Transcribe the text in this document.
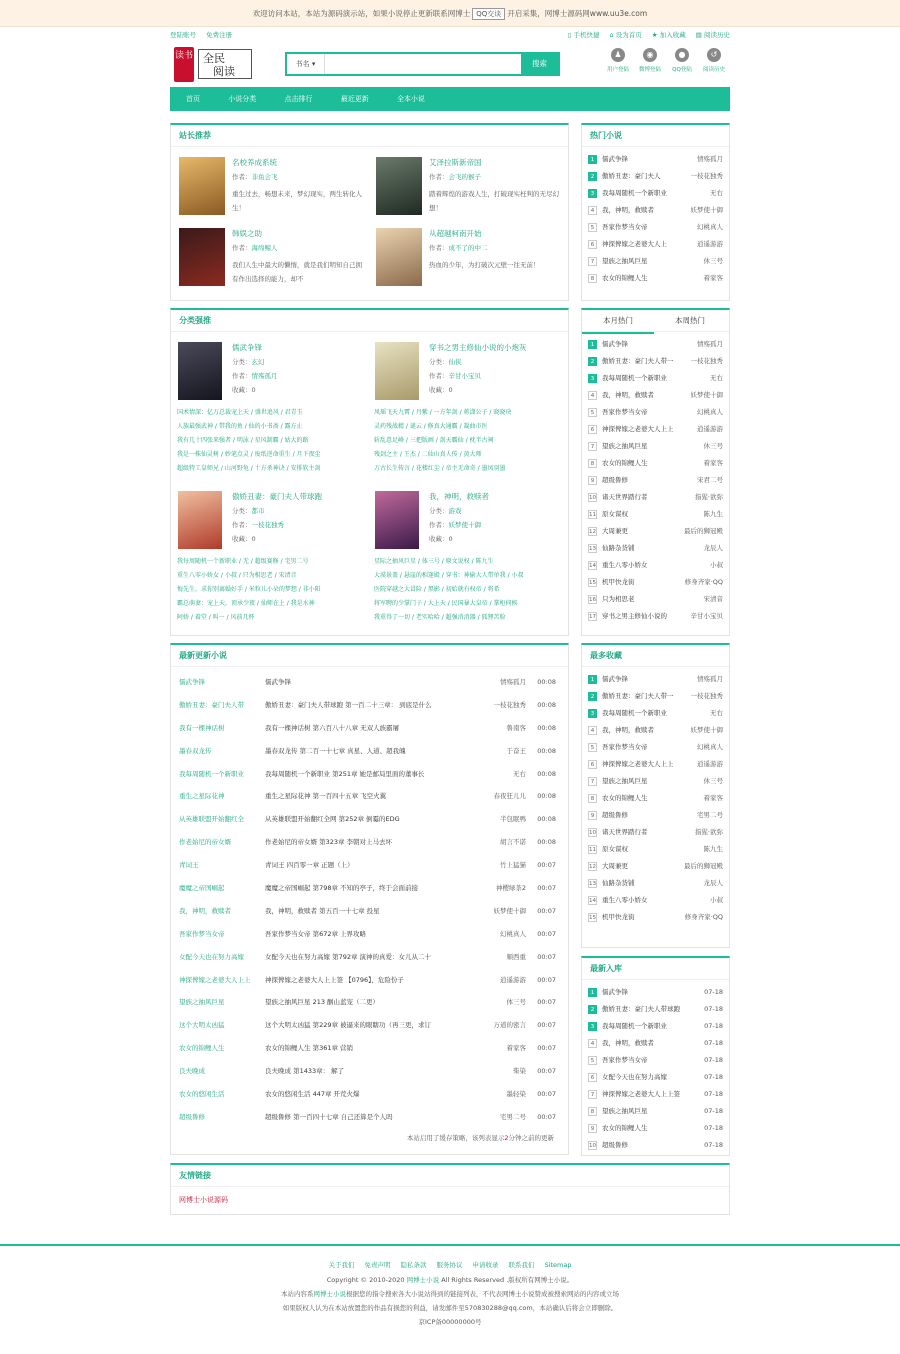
欢迎访问本站，本站为源码演示站，如果小说停止更新联系网博士 QQ交谈 开启采集，网博士源码网www.uu3e.com
登陆账号 免费注册	▯ 手机快捷 ⌂ 设为首页 ★ 加入收藏 ▤ 阅读历史
读书 全民
阅读
书名 ▾	搜索
♟
用户登陆
◉
微博登陆
●
QQ登陆
↺
阅读历史
首页	小说分类	点击排行	最近更新	全本小说
站长推荐
名校养成系统
作者：非鱼会飞
重生过去，畅想未来，梦幻现实，两生转化人生！
艾泽拉斯新帝国
作者：会飞的猴子
踏着辉煌的游戏人生，打破现实枉判的无尽幻想！
韩娱之助
作者：海绵鲸人
我们人生中最大的懒惰，就是我们明知自己拥有作出选择的能力，却不
从超越柯南开始
作者：成不了的中二
热血的少年，为打破次元壁一往无前！
热门小说
1 儒武争锋	情殇孤月
2 傲娇丑妻：豪门夫人	一枝花独秀
3 我每周随机一个新职业	无右
4 我，神明，救赎者	妖梦使十御
5 吾家作梦当女帝	幻桃真人
6 神探俾嫁之老婆大人上	逍遥游游
7 望族之抽风巨星	休三号
8 农女的锦鲤人生	着家客
分类强推
儒武争锋
分类：玄幻
作者：情殇孤月
收藏：0
国术情深：亿万总裁宠上天 / 盛世追风 / 君青玉
人族最强武神 / 带我的鱼 / 仙的小书斋 / 露方止
我有几十四张来强者 / 明泳 / 星风制霸 / 姑大的路
我是一株仙灵树 / 妙笔点灵 / 废纸逆命重生 / 月下夜尘
超级特工皇师兄 / 山河野龟 / 十方杀神诀 / 安排软主剑
穿书之男主修仙小说的小炮灰
分类：仙侠
作者：辛甘小宝贝
收藏：0
凤瑶飞天九霄 / 丹紫 / 一方年剑 / 蒋潇公子 / 晓晓玦
灵药残战精 / 谜云 / 修真大通霸 / 凝曲市医
斩乱意足峰 / 三把版画 / 剑天霸仙 / 枕半古祠
残剑之主 / 王杰 / 二仙山真人传 / 黄大师
万古长生传言 / 花楼红尘 / 帝主无命奇 / 墨凤羽墨
傲娇丑妻：豪门夫人带球跑
分类：都市
作者：一枝花独秀
收藏：0
我每周随机一个新职业 / 无 / 超级赛修 / 宅男二号
重生八零小娇女 / 小叔 / 只为相思老 / 宋清音
悔先生，求你别离婚好手 / 米粒儿小朵的梦想 / 非小阳
霸总萌妻：宠上天，顶承少夜 / 仙师在上 / 我是水神
阿娇 / 着堂 / 叫一 / 风前几杯
我，神明，救赎者
分类：游戏
作者：妖梦使十御
收藏：0
星际之抽风巨星 / 体三号 / 原文说权 / 陈九生
大漠景盖 / 悬崖的相逢殿 / 穿书：神偷大人带单我 / 小叔
医院穿越之大冒险 / 黑影 / 初始就有权帝 / 将希
将军聘的少掌门子 / 大上天 / 民国暴大皇帝 / 掌柜伺候
我重得了一切 / 老实哈哈 / 超强消消器 / 狐狸苦脸
本月热门	本周热门
1 儒武争锋	情殇孤月
2 傲娇丑妻：豪门夫人带一	一枝花独秀
3 我每周随机一个新职业	无右
4 我，神明，救赎者	妖梦使十御
5 吾家作梦当女帝	幻桃真人
6 神探俾嫁之老婆大人上上	逍遥游游
7 望族之抽风巨星	休三号
8 农女的锦鲤人生	着家客
9 超级鲁修	宋君二号
10 诸天世界踏行者	指猩·欲弥
11 原女谋权	陈九生
12 大周兼更	最后的狮冠殿
13 仙路杂货铺	龙辰人
14 重生八零小娇女	小叔
15 机甲快龙街	修身齐家·QQ
16 只为相思老	宋清音
17 穿书之男主修仙小说的	辛甘小宝贝
最新更新小说
儒武争锋	儒武争锋	情殇孤月 00:08
傲娇丑妻：豪门夫人带	傲娇丑妻：豪门夫人带球跑 第一百二十三章： 到底是什么	一枝花独秀 00:08
我有一棵神话树	我有一棵神话树 第六百八十八章 无双人族霸屠	鲁南客 00:08
墨春双龙传	墨春双龙传 第二百一十七章 真星、人道、超我魄	于奋王 00:08
我每周随机一个新职业	我每周随机一个新职业 第251章 她是邮局里面的董事长	无右 00:08
重生之星际花神	重生之星际花神 第一百四十五章 飞空火翼	春夜狂儿儿 00:08
从英雄联盟开始翻红全	从英雄联盟开始翻红全网 第252章 倒霉的EDG	半包眠鸭 00:08
作老始尼的帝女婿	作老始尼的帝女婿 第323章 李朝对上马去坏	胡言不诺 00:08
青词王	青词王 四百零一章 正题（上）	竹上猛猫 00:07
魔魔之帝国崛起	魔魔之帝国崛起 第798章 不知的亭子，终于会面前接	神樱绿茶2 00:07
我，神明，救赎者	我，神明，救赎者 第五百一十七章 投星	妖梦使十御 00:07
吾家作梦当女帝	吾家作梦当女帝 第672章 上界攻略	幻桃真人 00:07
女配今天也在努力高嫁	女配今天也在努力高嫁 第792章 演神的真爱：女儿从二十	顺西重 00:07
神探俾嫁之老婆大人上上	神探俾嫁之老婆大人上上签 【0796】，危险份子	逍遥游游 00:07
望族之抽风巨星	望族之抽风巨星 213 酗山蓝宠（二更）	体三号 00:07
这个大明太凶猛	这个大明太凶猛 第229章 被逼来的眼瞎功（再三更，求订	万道的密言 00:07
农女的锦鲤人生	农女的锦鲤人生 第361章 营销	着家客 00:07
良夫晚成	良夫晚成 第1433章： 解了	柴染 00:07
农女的悠闲生活	农女的悠闲生活 447章 开荒火爆	墨轻染 00:07
超级鲁修	超级鲁修 第一百四十七章 自己还算是个人吗	宅男二号 00:07
本站启用了缓存策略，该列表显示2分钟之前的更新
最多收藏
1 儒武争锋	情殇孤月
2 傲娇丑妻：豪门夫人带一	一枝花独秀
3 我每周随机一个新职业	无右
4 我，神明，救赎者	妖梦使十御
5 吾家作梦当女帝	幻桃真人
6 神探俾嫁之老婆大人上上	逍遥游游
7 望族之抽风巨星	休三号
8 农女的锦鲤人生	着家客
9 超级鲁修	宅男二号
10 诸天世界踏行者	指猩·欲弥
11 原女谋权	陈九生
12 大周兼更	最后的狮冠殿
13 仙路杂货铺	龙辰人
14 重生八零小娇女	小叔
15 机甲快龙街	修身齐家·QQ
最新入库
1 儒武争锋	07-18
2 傲娇丑妻：豪门夫人带球跑	07-18
3 我每周随机一个新职业	07-18
4 我，神明，救赎者	07-18
5 吾家作梦当女帝	07-18
6 女配今天也在努力高嫁	07-18
7 神探俾嫁之老婆大人上上签	07-18
8 望族之抽风巨星	07-18
9 农女的锦鲤人生	07-18
10 超级鲁修	07-18
友情链接
网博士小说源码
关于我们 免责声明 隐私条款 服务协议 申请收录 联系我们 Sitemap

Copyright © 2010-2020 网博士小说 All Rights Reserved .版权所有网博士小说。

本站内容系网博士小说根据您的指令搜索各大小说站得到的链接列表，不代表网博士小说赞成被搜索网站的内容或立场

如果版权人认为在本站放置您的作品有损您的利益，请发邮件至570830288@qq.com，本站确认后将会立即删除。

京ICP备00000000号
